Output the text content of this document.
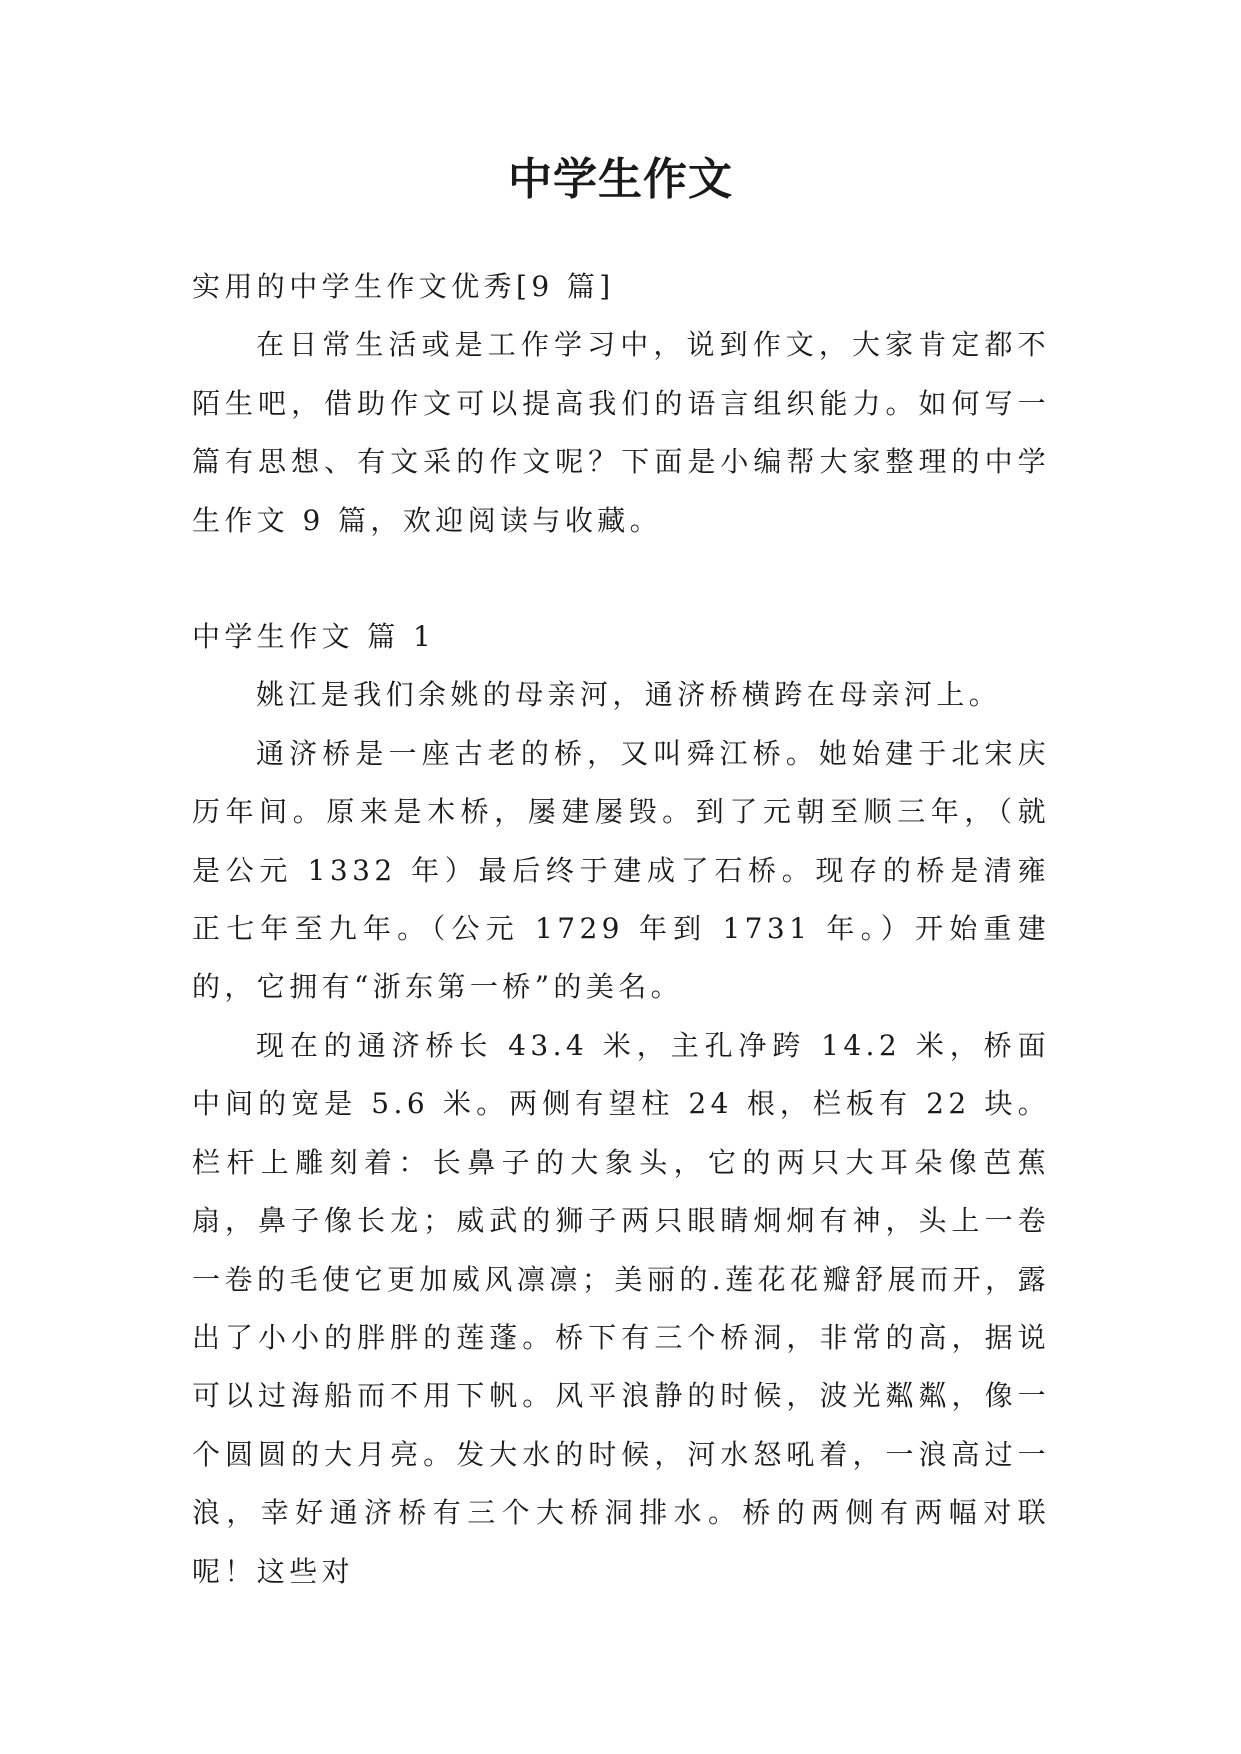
中学生作文

实用的中学生作文优秀[9 篇]

在日常生活或是工作学习中，说到作文，大家肯定都不陌生吧，借助作文可以提高我们的语言组织能力。如何写一篇有思想、有文采的作文呢？下面是小编帮大家整理的中学生作文 9 篇，欢迎阅读与收藏。

中学生作文 篇 1

姚江是我们余姚的母亲河，通济桥横跨在母亲河上。

通济桥是一座古老的桥，又叫舜江桥。她始建于北宋庆历年间。原来是木桥，屡建屡毁。到了元朝至顺三年，（就是公元 1332 年）最后终于建成了石桥。现存的桥是清雍正七年至九年。（公元 1729 年到 1731 年。）开始重建的，它拥有“浙东第一桥”的美名。

现在的通济桥长 43.4 米，主孔净跨 14.2 米，桥面中间的宽是 5.6 米。两侧有望柱 24 根，栏板有 22 块。栏杆上雕刻着：长鼻子的大象头，它的两只大耳朵像芭蕉扇，鼻子像长龙；威武的狮子两只眼睛炯炯有神，头上一卷一卷的毛使它更加威风凛凛；美丽的.莲花花瓣舒展而开，露出了小小的胖胖的莲蓬。桥下有三个桥洞，非常的高，据说可以过海船而不用下帆。风平浪静的时候，波光粼粼，像一个圆圆的大月亮。发大水的时候，河水怒吼着，一浪高过一浪，幸好通济桥有三个大桥洞排水。桥的两侧有两幅对联呢！这些对
